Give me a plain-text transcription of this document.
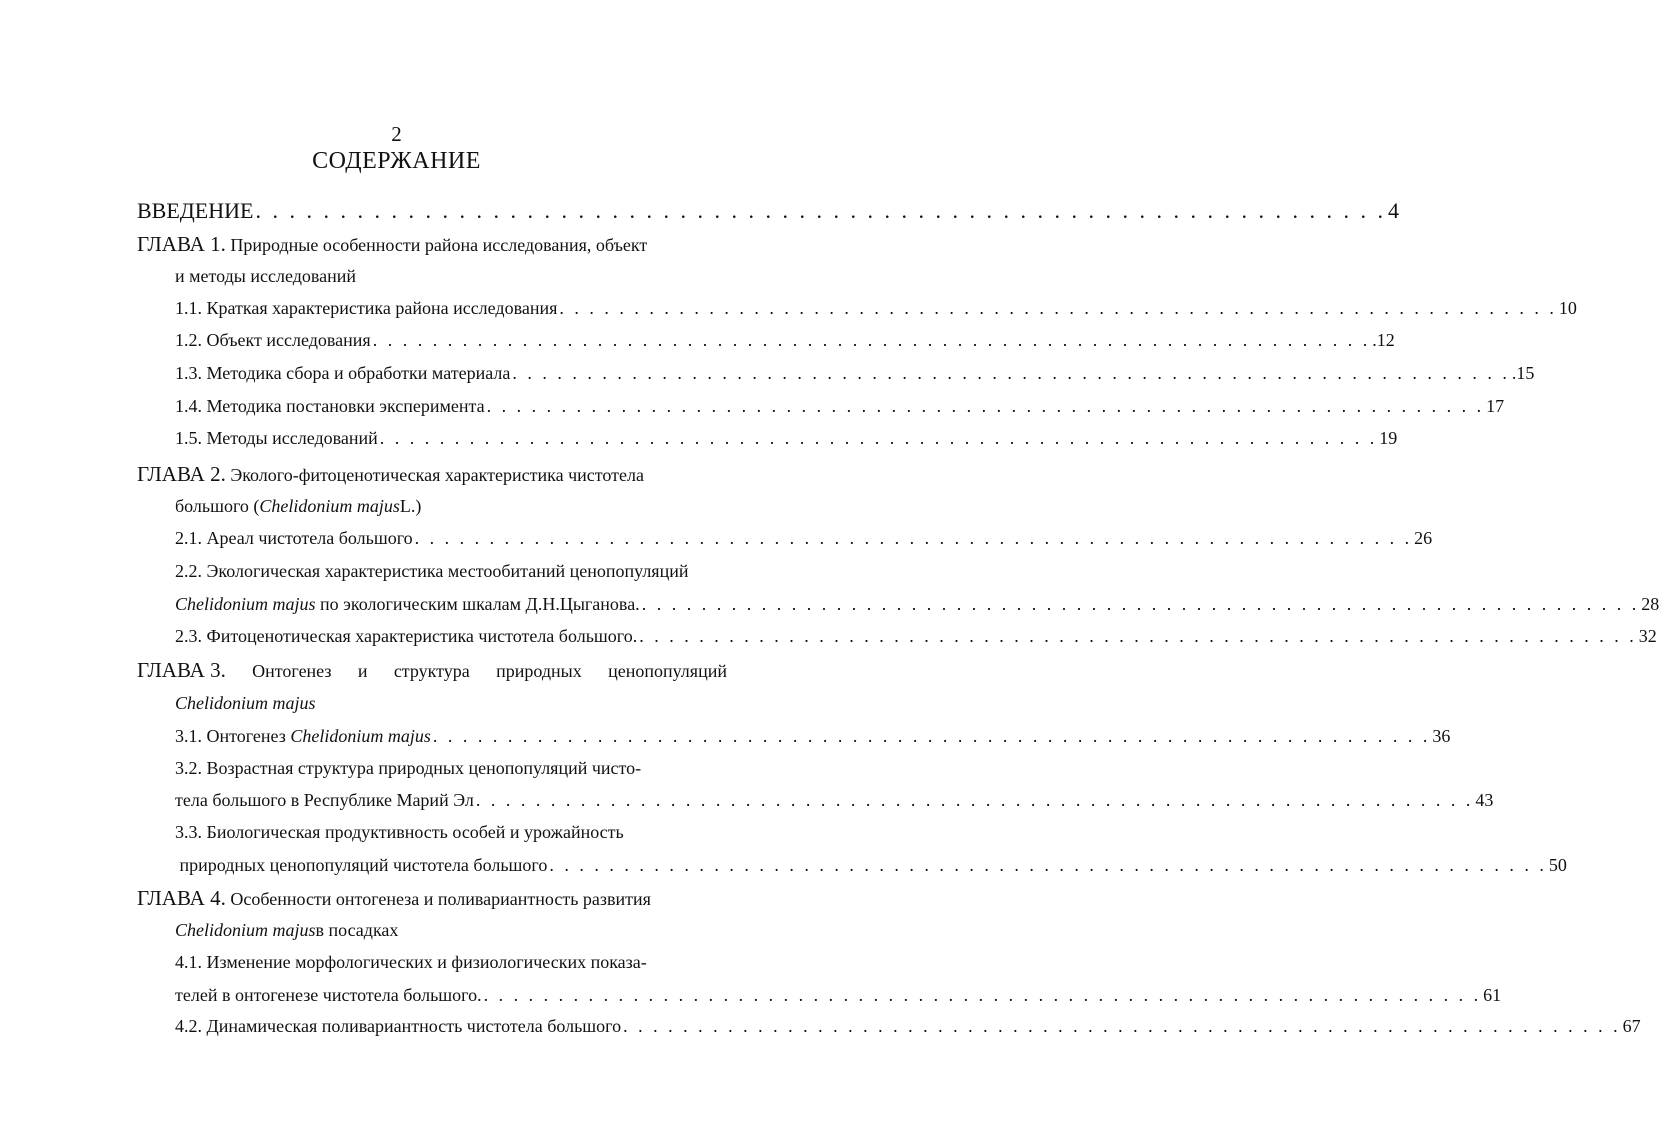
2
СОДЕРЖАНИЕ
ВВЕДЕНИЕ . . .	4
ГЛАВА 1.
Природные особенности района исследования, объект
и методы исследований
1.1. Краткая характеристика района исследования . . .	10
1.2. Объект исследования . . .	.12
1.3. Методика сбора и обработки материала . . .	.15
1.4. Методика постановки эксперимента . . .	17
1.5. Методы исследований . . .	19
ГЛАВА 2.
Эколого-фитоценотическая характеристика чистотела
большого ( Chelidonium majus L.)
2.1. Ареал чистотела большого . . .	26
2.2. Экологическая характеристика местообитаний ценопопуляций
Chelidonium majus по экологическим шкалам Д.Н.Цыганова. . . .	28
2.3. Фитоценотическая характеристика чистотела большого. . . .	32
ГЛАВА 3. Онтогенез и структура природных ценопопуляций
Chelidonium majus
3.1. Онтогенез Chelidonium majus . . .	36
3.2. Возрастная структура природных ценопопуляций чисто-
тела большого в Республике Марий Эл . . .	43
3.3. Биологическая продуктивность особей и урожайность
природных ценопопуляций чистотела большого . . .	50
ГЛАВА 4.
Особенности онтогенеза и поливариантность развития
Chelidonium majus в посадках
4.1. Изменение морфологических и физиологических показа-
телей в онтогенезе чистотела большого. . . .	61
4.2. Динамическая поливариантность чистотела большого . . .	67
